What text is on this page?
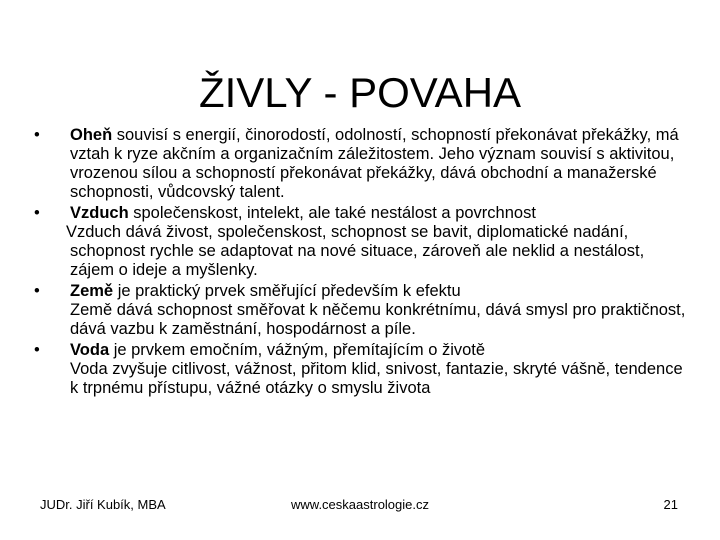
ŽIVLY - POVAHA
• Oheň souvisí s energií, činorodostí, odolností, schopností překonávat překážky, má vztah k ryze akčním a organizačním záležitostem. Jeho význam souvisí s aktivitou, vrozenou sílou a schopností překonávat překážky, dává obchodní a manažerské schopnosti, vůdcovský talent.
• Vzduch společenskost, intelekt, ale také nestálost a povrchnost
Vzduch dává živost, společenskost, schopnost se bavit, diplomatické nadání, schopnost rychle se adaptovat na nové situace, zároveň ale neklid a nestálost, zájem o ideje a myšlenky.
• Země je praktický prvek směřující především k efektu
Země dává schopnost směřovat k něčemu konkrétnímu, dává smysl pro praktičnost, dává vazbu k zaměstnání, hospodárnost a píle.
• Voda je prvkem emočním, vážným, přemítajícím o životě
Voda zvyšuje citlivost, vážnost, přitom klid, snivost, fantazie, skryté vášně, tendence k trpnému přístupu, vážné otázky o smyslu života
JUDr. Jiří Kubík, MBA	www.ceskaastrologie.cz	21
